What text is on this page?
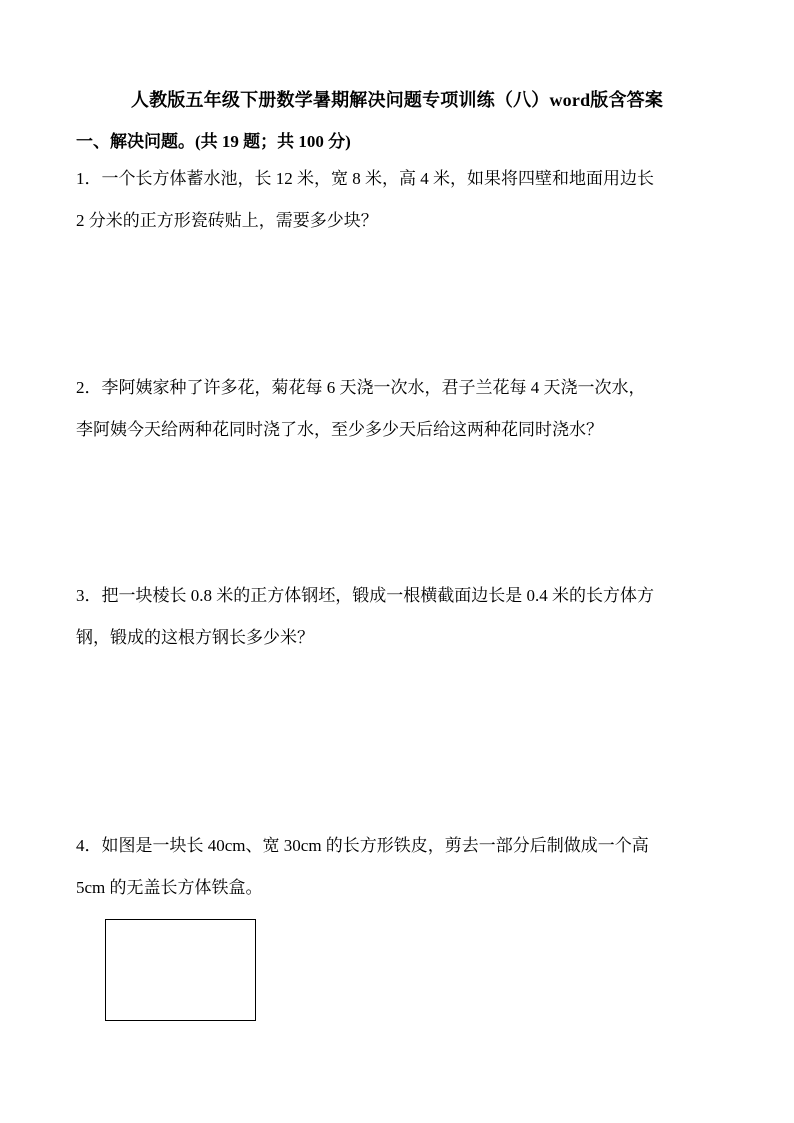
人教版五年级下册数学暑期解决问题专项训练（八）word版含答案
一、解决问题。(共 19 题；共 100 分)
1．一个长方体蓄水池，长 12 米，宽 8 米，高 4 米，如果将四壁和地面用边长
2 分米的正方形瓷砖贴上，需要多少块？
2．李阿姨家种了许多花，菊花每 6 天浇一次水，君子兰花每 4 天浇一次水，
李阿姨今天给两种花同时浇了水，至少多少天后给这两种花同时浇水？
3．把一块棱长 0.8 米的正方体钢坯，锻成一根横截面边长是 0.4 米的长方体方
钢，锻成的这根方钢长多少米？
4．如图是一块长 40cm、宽 30cm 的长方形铁皮，剪去一部分后制做成一个高
5cm 的无盖长方体铁盒。
